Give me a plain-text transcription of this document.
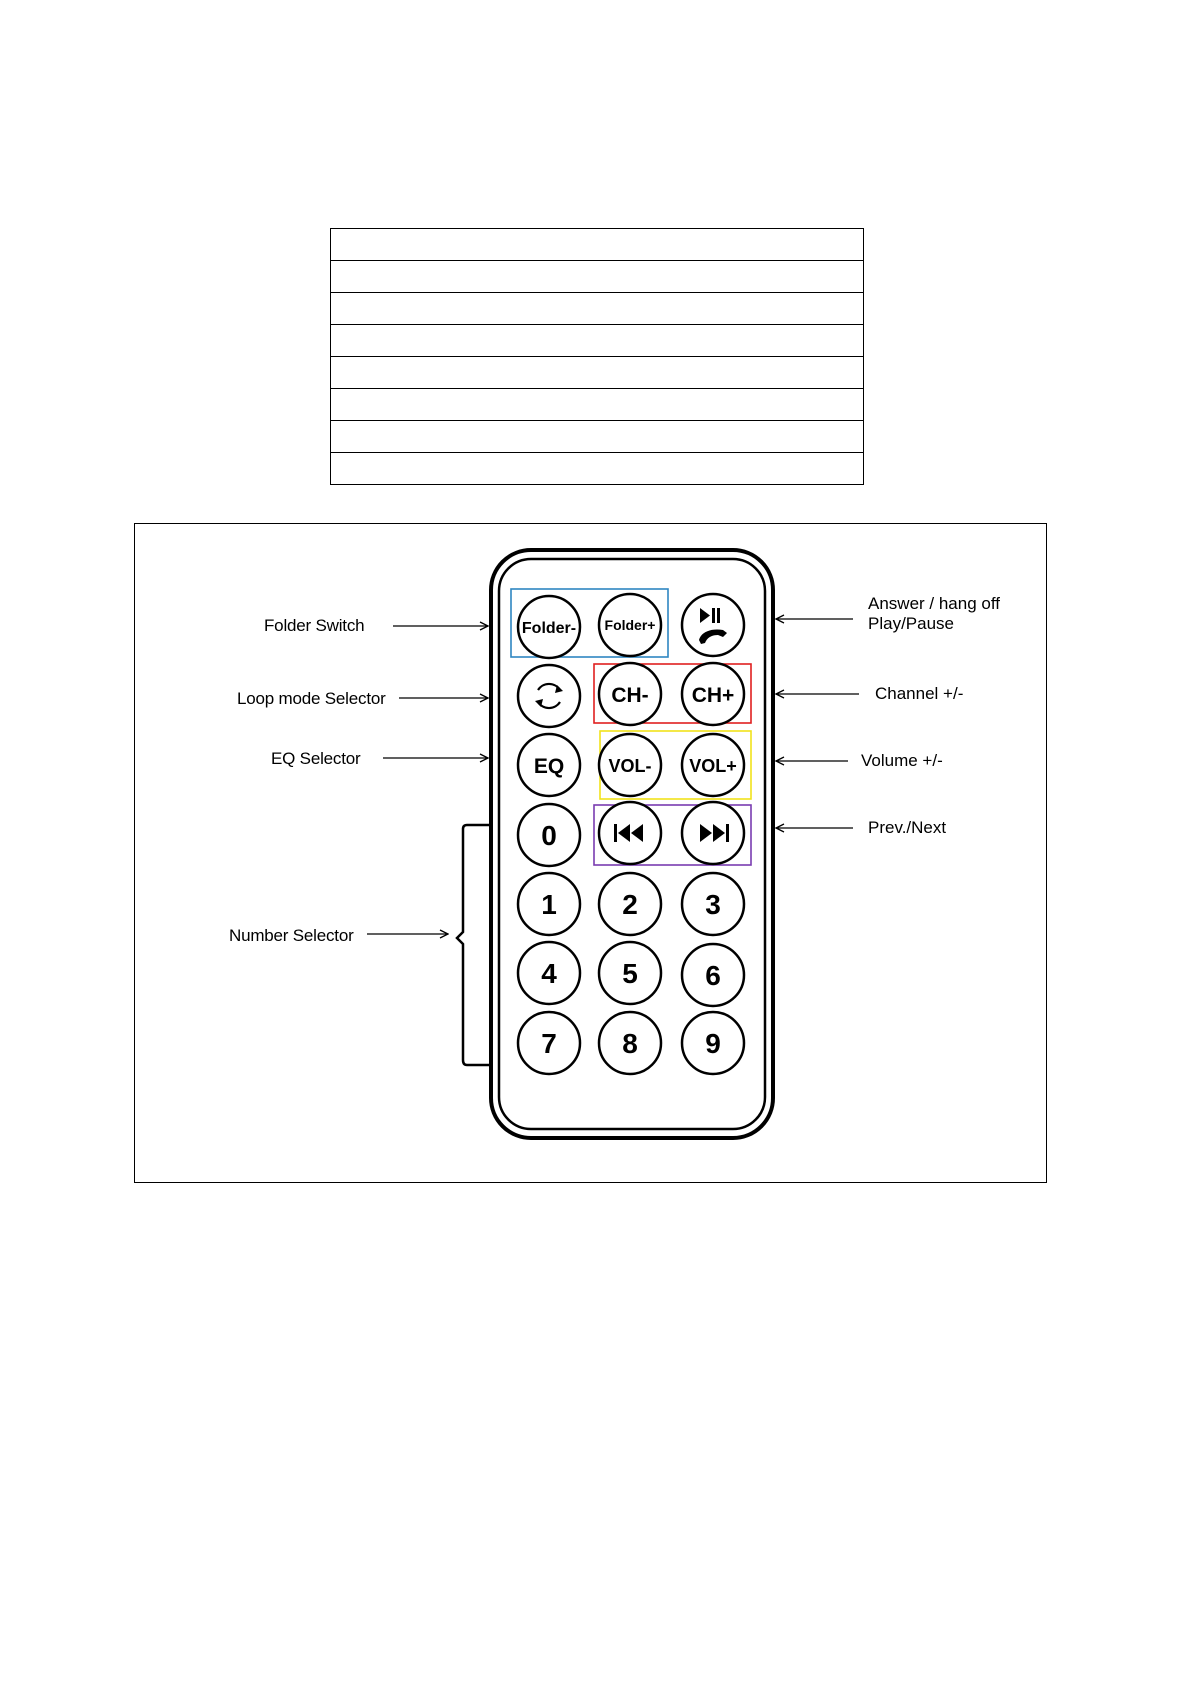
Folder- Folder+
CH- CH+
EQ VOL- VOL+
0
1 2 3
4 5 6
7 8 9
Folder Switch
Loop mode Selector
EQ Selector
Number Selector
Answer / hang off
Play/Pause
Channel +/-
Volume +/-
Prev./Next
